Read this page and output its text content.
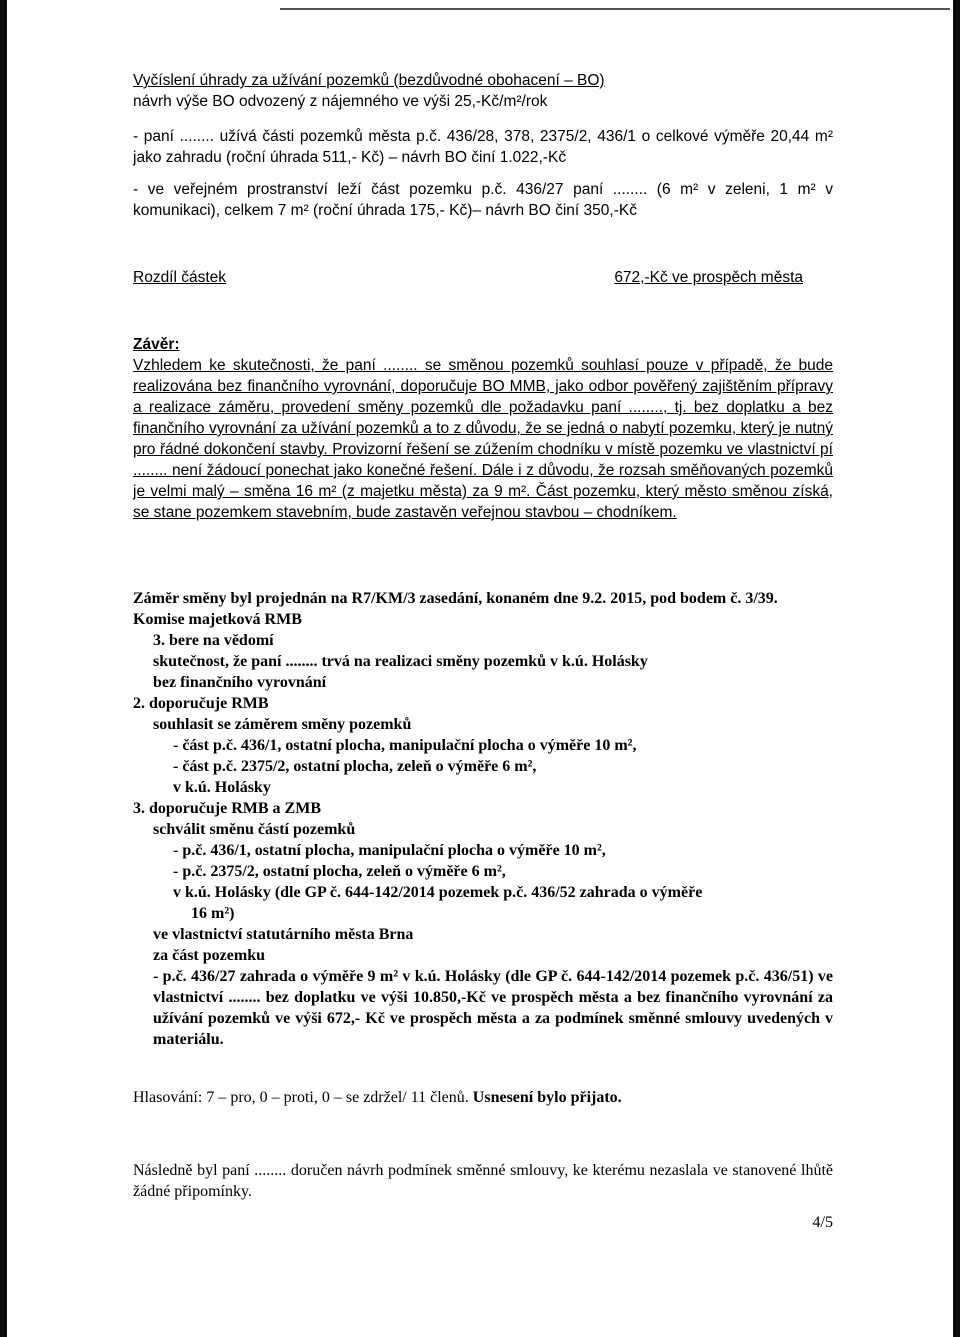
Vyčíslení úhrady za užívání pozemků (bezdůvodné obohacení – BO)

návrh výše BO odvozený z nájemného ve výši 25,-Kč/m²/rok

- paní ........ užívá části pozemků města p.č. 436/28, 378, 2375/2, 436/1 o celkové výměře 20,44 m² jako zahradu (roční úhrada 511,- Kč) – návrh BO činí 1.022,-Kč

- ve veřejném prostranství leží část pozemku p.č. 436/27 paní ........ (6 m² v zeleni, 1 m² v komunikaci), celkem 7 m² (roční úhrada 175,- Kč)– návrh BO činí 350,-Kč

Rozdíl částek	672,-Kč ve prospěch města

Závěr:

Vzhledem ke skutečnosti, že paní ........ se směnou pozemků souhlasí pouze v případě, že bude realizována bez finančního vyrovnání, doporučuje BO MMB, jako odbor pověřený zajištěním přípravy a realizace záměru, provedení směny pozemků dle požadavku paní ........, tj. bez doplatku a bez finančního vyrovnání za užívání pozemků a to z důvodu, že se jedná o nabytí pozemku, který je nutný pro řádné dokončení stavby. Provizorní řešení se zúžením chodníku v místě pozemku ve vlastnictví pí ........ není žádoucí ponechat jako konečné řešení. Dále i z důvodu, že rozsah směňovaných pozemků je velmi malý – směna 16 m² (z majetku města) za 9 m². Část pozemku, který město směnou získá, se stane pozemkem stavebním, bude zastavěn veřejnou stavbou – chodníkem.

Záměr směny byl projednán na R7/KM/3 zasedání, konaném dne 9.2. 2015, pod bodem č. 3/39. Komise majetková RMB

3. bere na vědomí

skutečnost, že paní ........ trvá na realizaci směny pozemků v k.ú. Holásky

bez finančního vyrovnání

2. doporučuje RMB

souhlasit se záměrem směny pozemků

- část p.č. 436/1, ostatní plocha, manipulační plocha o výměře 10 m²,

- část p.č. 2375/2, ostatní plocha, zeleň o výměře 6 m²,

v k.ú. Holásky

3. doporučuje RMB a ZMB

schválit směnu částí pozemků

- p.č. 436/1, ostatní plocha, manipulační plocha o výměře 10 m²,

- p.č. 2375/2, ostatní plocha, zeleň o výměře 6 m²,

v k.ú. Holásky (dle GP č. 644-142/2014 pozemek p.č. 436/52 zahrada o výměře

16 m²)

ve vlastnictví statutárního města Brna

za část pozemku

- p.č. 436/27 zahrada o výměře 9 m² v k.ú. Holásky (dle GP č. 644-142/2014 pozemek p.č. 436/51) ve vlastnictví ........ bez doplatku ve výši 10.850,-Kč ve prospěch města a bez finančního vyrovnání za užívání pozemků ve výši 672,- Kč ve prospěch města a za podmínek směnné smlouvy uvedených v materiálu.

Hlasování: 7 – pro, 0 – proti, 0 – se zdržel/ 11 členů. Usnesení bylo přijato.

Následně byl paní ........ doručen návrh podmínek směnné smlouvy, ke kterému nezaslala ve stanovené lhůtě žádné připomínky.

4/5
